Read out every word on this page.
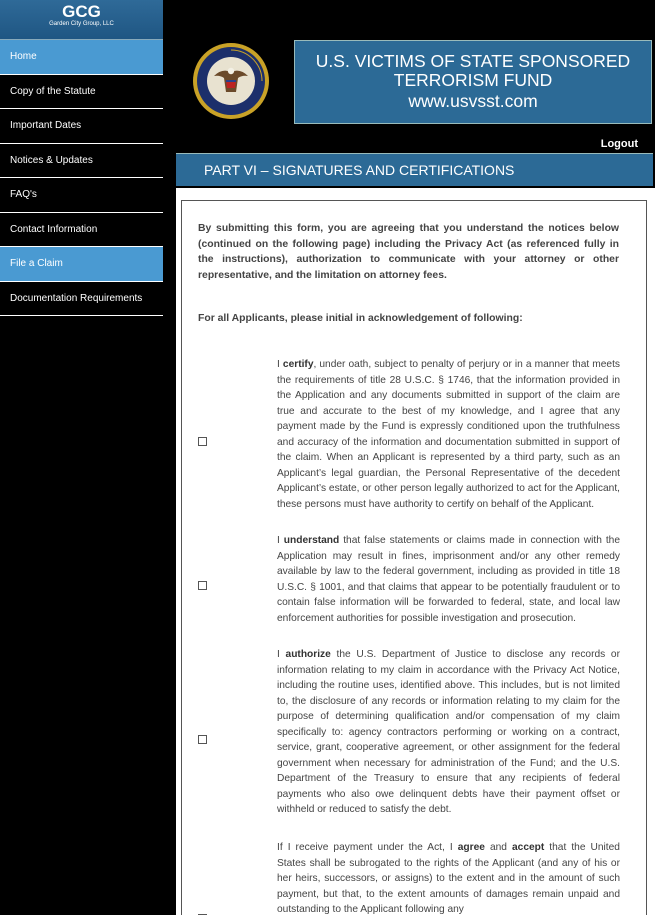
GCG
Garden City Group, LLC
Home
Copy of the Statute
Important Dates
Notices & Updates
FAQ's
Contact Information
File a Claim
Documentation Requirements
U.S. VICTIMS OF STATE SPONSORED
TERRORISM FUND
www.usvsst.com
Logout
PART VI – SIGNATURES AND CERTIFICATIONS
By submitting this form, you are agreeing that you understand the notices below (continued on the following page) including the Privacy Act (as referenced fully in the instructions), authorization to communicate with your attorney or other representative, and the limitation on attorney fees.
For all Applicants, please initial in acknowledgement of following:
I certify, under oath, subject to penalty of perjury or in a manner that meets the requirements of title 28 U.S.C. § 1746, that the information provided in the Application and any documents submitted in support of the claim are true and accurate to the best of my knowledge, and I agree that any payment made by the Fund is expressly conditioned upon the truthfulness and accuracy of the information and documentation submitted in support of the claim. When an Applicant is represented by a third party, such as an Applicant’s legal guardian, the Personal Representative of the decedent Applicant’s estate, or other person legally authorized to act for the Applicant, these persons must have authority to certify on behalf of the Applicant.
I understand that false statements or claims made in connection with the Application may result in fines, imprisonment and/or any other remedy available by law to the federal government, including as provided in title 18 U.S.C. § 1001, and that claims that appear to be potentially fraudulent or to contain false information will be forwarded to federal, state, and local law enforcement authorities for possible investigation and prosecution.
I authorize the U.S. Department of Justice to disclose any records or information relating to my claim in accordance with the Privacy Act Notice, including the routine uses, identified above. This includes, but is not limited to, the disclosure of any records or information relating to my claim for the purpose of determining qualification and/or compensation of my claim specifically to: agency contractors performing or working on a contract, service, grant, cooperative agreement, or other assignment for the federal government when necessary for administration of the Fund; and the U.S. Department of the Treasury to ensure that any recipients of federal payments who also owe delinquent debts have their payment offset or withheld or reduced to satisfy the debt.
If I receive payment under the Act, I agree and accept that the United States shall be subrogated to the rights of the Applicant (and any of his or her heirs, successors, or assigns) to the extent and in the amount of such payment, but that, to the extent amounts of damages remain unpaid and outstanding to the Applicant following any
